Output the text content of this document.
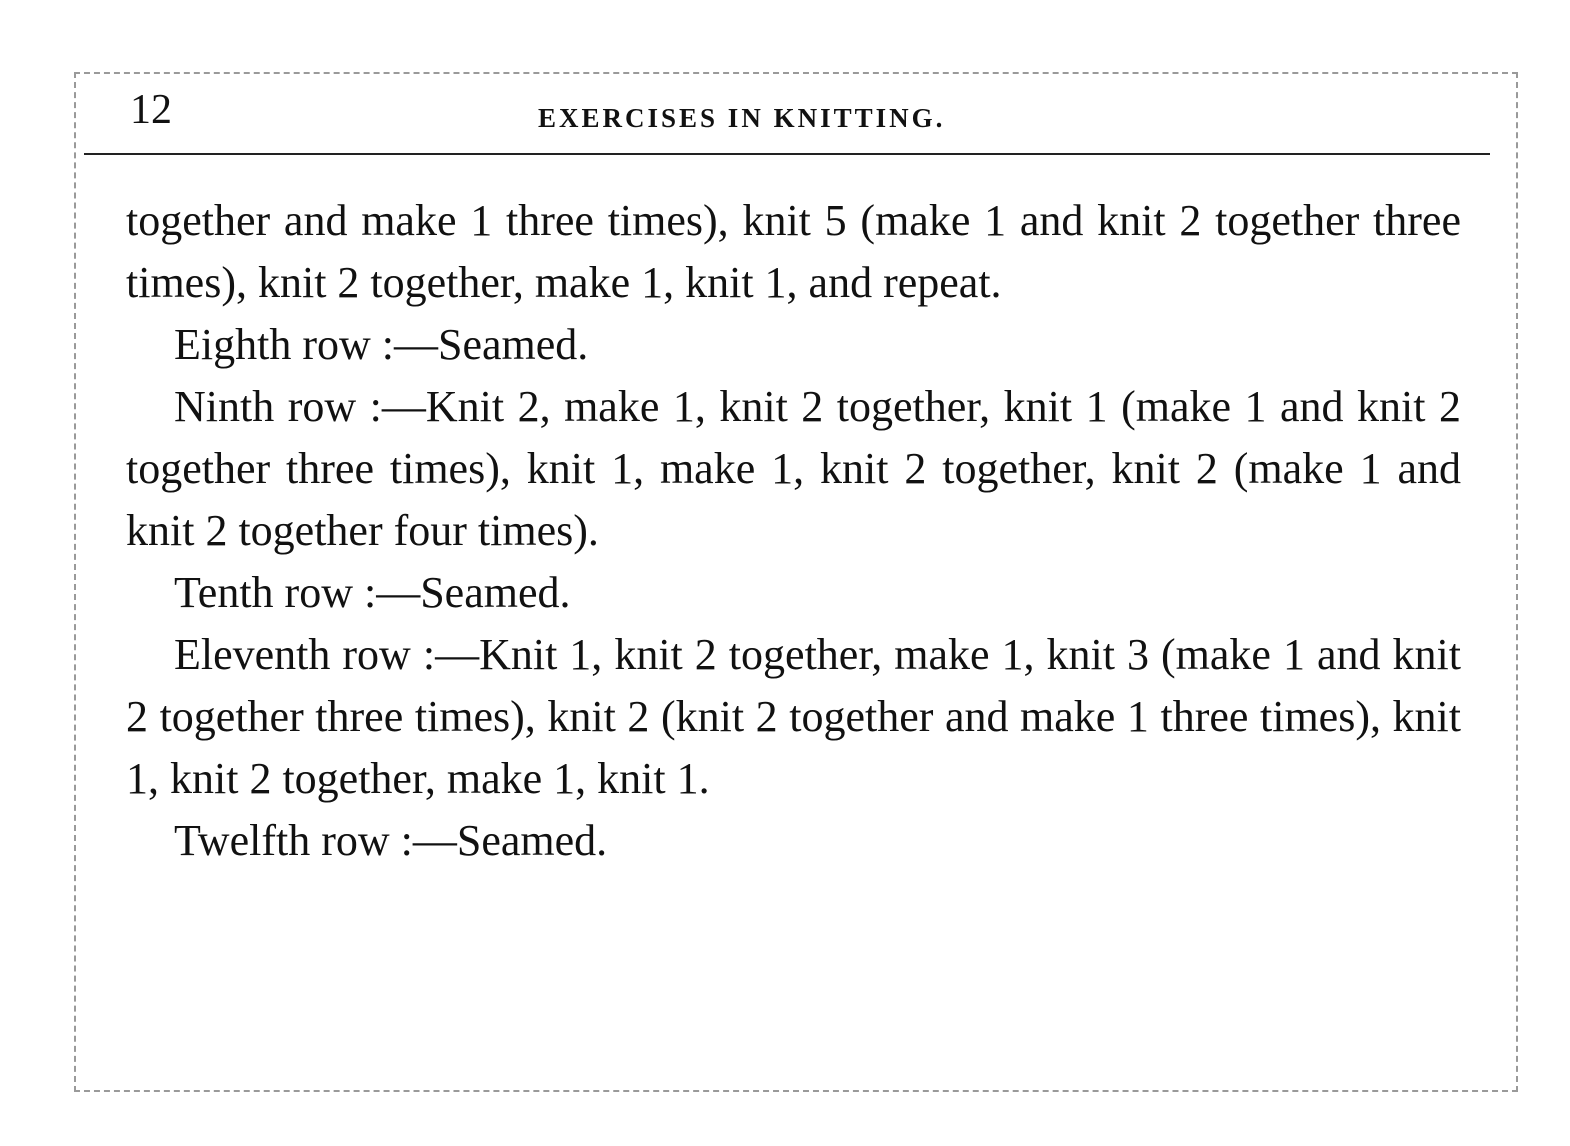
12	EXERCISES IN KNITTING.

together and make 1 three times), knit 5 (make 1 and knit 2 together three times), knit 2 together, make 1, knit 1, and repeat.

Eighth row :—Seamed.

Ninth row :—Knit 2, make 1, knit 2 together, knit 1 (make 1 and knit 2 together three times), knit 1, make 1, knit 2 together, knit 2 (make 1 and knit 2 together four times).

Tenth row :—Seamed.

Eleventh row :—Knit 1, knit 2 together, make 1, knit 3 (make 1 and knit 2 together three times), knit 2 (knit 2 together and make 1 three times), knit 1, knit 2 together, make 1, knit 1.

Twelfth row :—Seamed.
